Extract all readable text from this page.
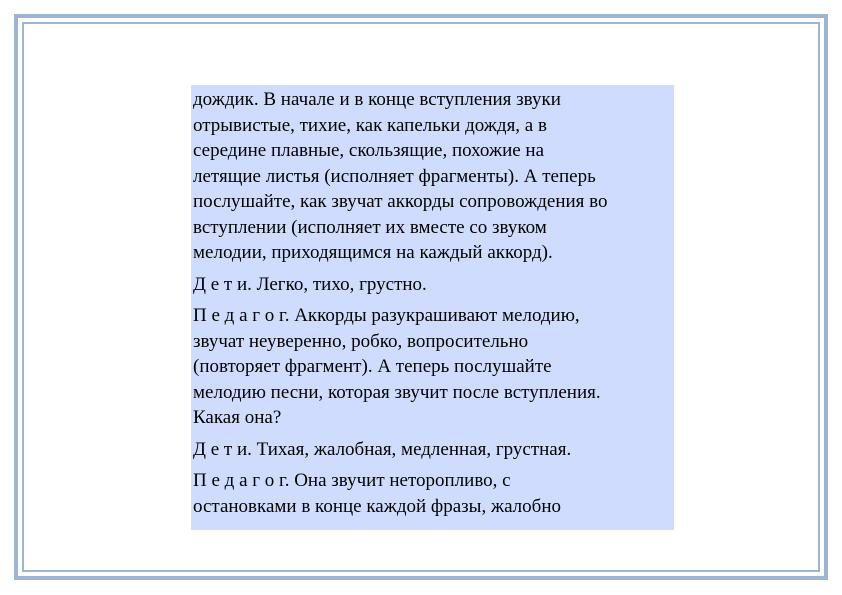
дождик. В начале и в конце вступления звуки
отрывистые, тихие, как капельки дождя, а в
середине плавные, скользящие, похожие на
летящие листья (исполняет фрагменты). А теперь
послушайте, как звучат аккорды сопровождения во
вступлении (исполняет их вместе со звуком
мелодии, приходящимся на каждый аккорд).

Д е т и. Легко, тихо, грустно.

П е д а г о г. Аккорды разукрашивают мелодию,
звучат неуверенно, робко, вопросительно
(повторяет фрагмент). А теперь послушайте
мелодию песни, которая звучит после вступления.
Какая она?

Д е т и. Тихая, жалобная, медленная, грустная.

П е д а г о г. Она звучит неторопливо, с
остановками в конце каждой фразы, жалобно
